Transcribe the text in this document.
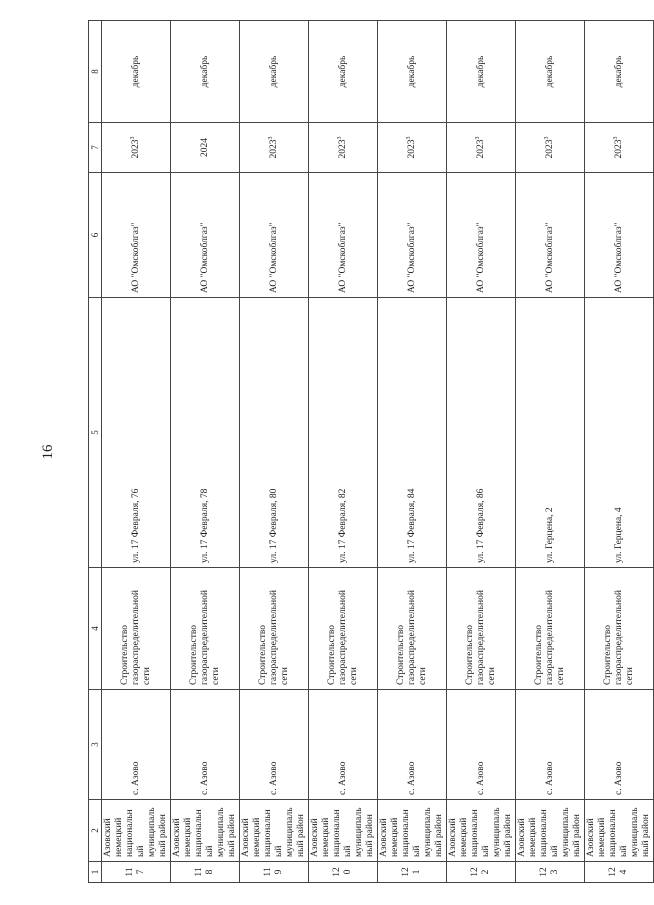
16
1	2	3	4	5	6	7	8
117	Азовский немецкий национальный муниципальный район	с. Азово	Строительство газораспределительной сети	ул. 17 Февраля, 76	АО "Омскоблгаз"	2023$^3$	декабрь
118	Азовский немецкий национальный муниципальный район	с. Азово	Строительство газораспределительной сети	ул. 17 Февраля, 78	АО "Омскоблгаз"	2024	декабрь
119	Азовский немецкий национальный муниципальный район	с. Азово	Строительство газораспределительной сети	ул. 17 Февраля, 80	АО "Омскоблгаз"	2023$^3$	декабрь
120	Азовский немецкий национальный муниципальный район	с. Азово	Строительство газораспределительной сети	ул. 17 Февраля, 82	АО "Омскоблгаз"	2023$^3$	декабрь
121	Азовский немецкий национальный муниципальный район	с. Азово	Строительство газораспределительной сети	ул. 17 Февраля, 84	АО "Омскоблгаз"	2023$^3$	декабрь
122	Азовский немецкий национальный муниципальный район	с. Азово	Строительство газораспределительной сети	ул. 17 Февраля, 86	АО "Омскоблгаз"	2023$^3$	декабрь
123	Азовский немецкий национальный муниципальный район	с. Азово	Строительство газораспределительной сети	ул. Герцена, 2	АО "Омскоблгаз"	2023$^3$	декабрь
124	Азовский немецкий национальный муниципальный район	с. Азово	Строительство газораспределительной сети	ул. Герцена, 4	АО "Омскоблгаз"	2023$^3$	декабрь
